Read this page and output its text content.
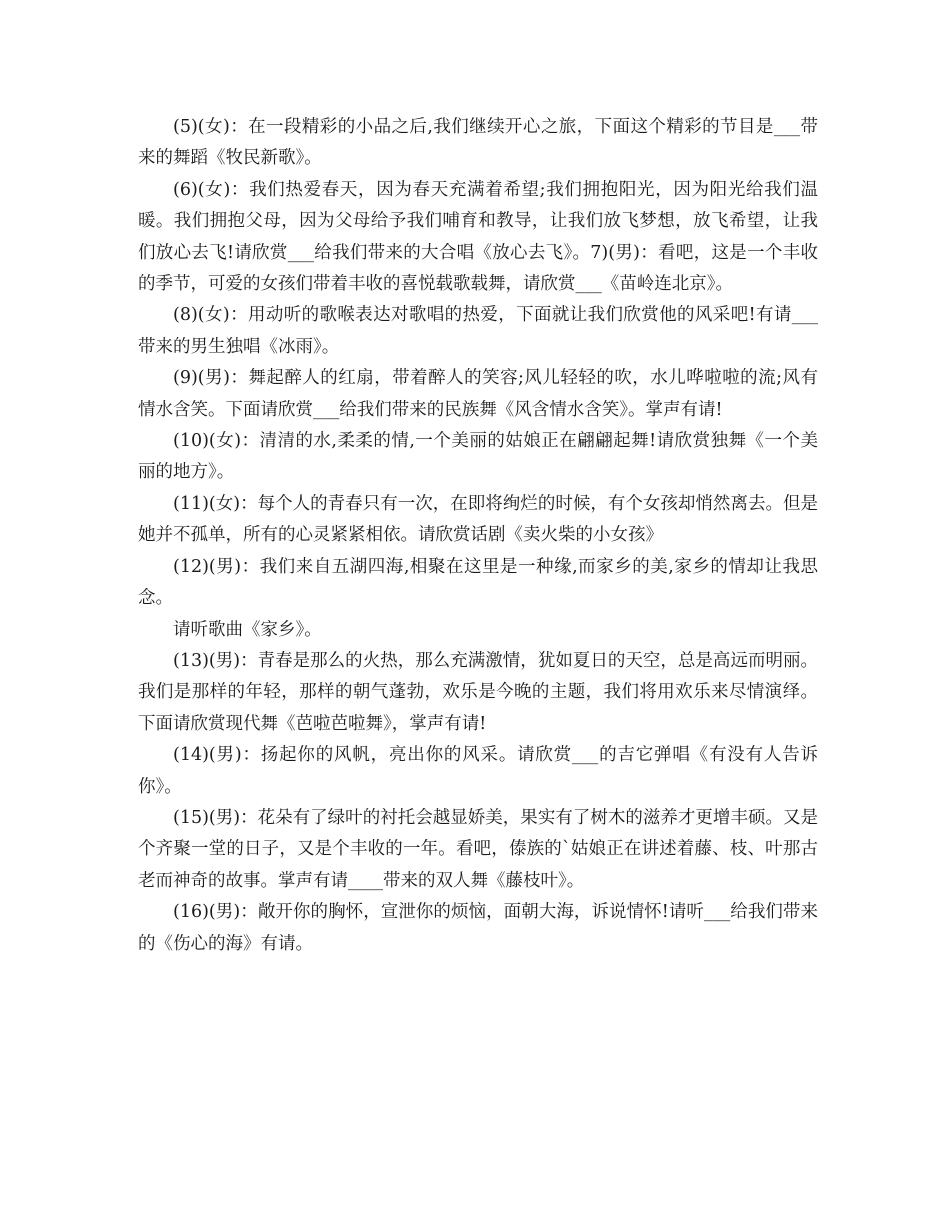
(5)(女)：在一段精彩的小品之后,我们继续开心之旅，下面这个精彩的节目是___带来的舞蹈《牧民新歌》。

(6)(女)：我们热爱春天，因为春天充满着希望;我们拥抱阳光，因为阳光给我们温暖。我们拥抱父母，因为父母给予我们哺育和教导，让我们放飞梦想，放飞希望，让我们放心去飞!请欣赏___给我们带来的大合唱《放心去飞》。7)(男)：看吧，这是一个丰收的季节，可爱的女孩们带着丰收的喜悦载歌载舞，请欣赏___《苗岭连北京》。

(8)(女)：用动听的歌喉表达对歌唱的热爱，下面就让我们欣赏他的风采吧!有请___带来的男生独唱《冰雨》。

(9)(男)：舞起醉人的红扇，带着醉人的笑容;风儿轻轻的吹，水儿哗啦啦的流;风有情水含笑。下面请欣赏___给我们带来的民族舞《风含情水含笑》。掌声有请!

(10)(女)：清清的水,柔柔的情,一个美丽的姑娘正在翩翩起舞!请欣赏独舞《一个美丽的地方》。

(11)(女)：每个人的青春只有一次，在即将绚烂的时候，有个女孩却悄然离去。但是她并不孤单，所有的心灵紧紧相依。请欣赏话剧《卖火柴的小女孩》

(12)(男)：我们来自五湖四海,相聚在这里是一种缘,而家乡的美,家乡的情却让我思念。

请听歌曲《家乡》。

(13)(男)：青春是那么的火热，那么充满激情，犹如夏日的天空，总是高远而明丽。我们是那样的年轻，那样的朝气蓬勃，欢乐是今晚的主题，我们将用欢乐来尽情演绎。下面请欣赏现代舞《芭啦芭啦舞》，掌声有请!

(14)(男)：扬起你的风帆，亮出你的风采。请欣赏___的吉它弹唱《有没有人告诉你》。

(15)(男)：花朵有了绿叶的衬托会越显娇美，果实有了树木的滋养才更增丰硕。又是个齐聚一堂的日子，又是个丰收的一年。看吧，傣族的`姑娘正在讲述着藤、枝、叶那古老而神奇的故事。掌声有请____带来的双人舞《藤枝叶》。

(16)(男)：敞开你的胸怀，宣泄你的烦恼，面朝大海，诉说情怀!请听___给我们带来的《伤心的海》有请。
